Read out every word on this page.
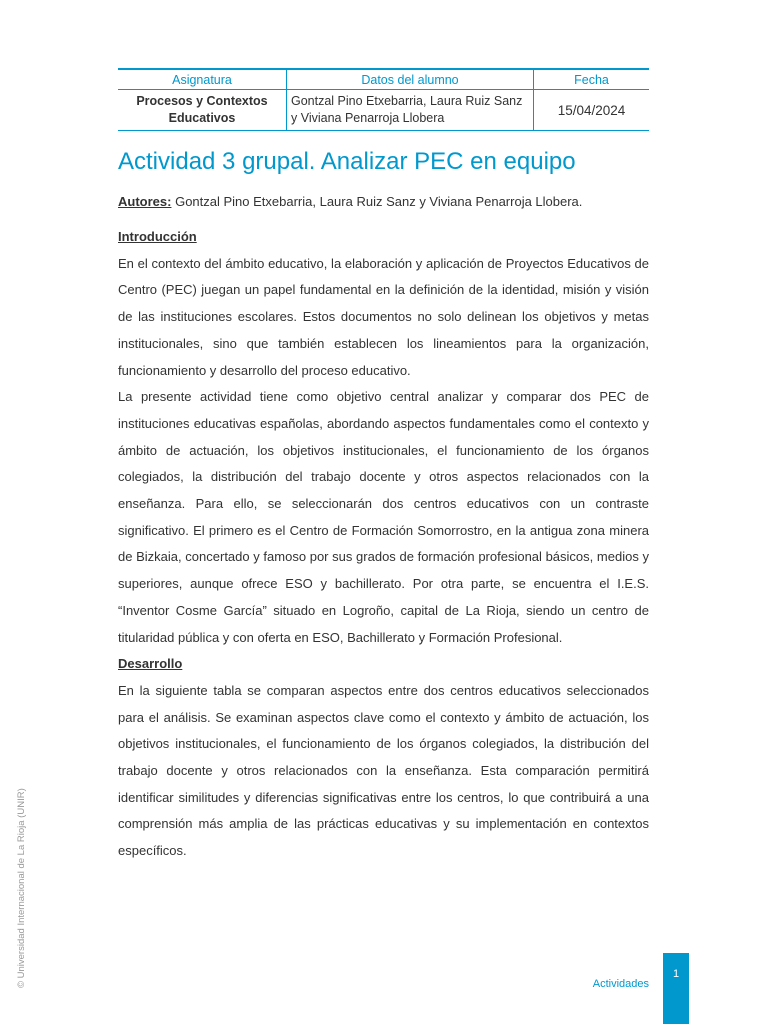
Asignatura	Datos del alumno	Fecha
Procesos y Contextos Educativos	Gontzal Pino Etxebarria, Laura Ruiz Sanz y Viviana Penarroja Llobera	15/04/2024
Actividad 3 grupal. Analizar PEC en equipo

Autores: Gontzal Pino Etxebarria, Laura Ruiz Sanz y Viviana Penarroja Llobera.

Introducción

En el contexto del ámbito educativo, la elaboración y aplicación de Proyectos Educativos de Centro (PEC) juegan un papel fundamental en la definición de la identidad, misión y visión de las instituciones escolares. Estos documentos no solo delinean los objetivos y metas institucionales, sino que también establecen los lineamientos para la organización, funcionamiento y desarrollo del proceso educativo.

La presente actividad tiene como objetivo central analizar y comparar dos PEC de instituciones educativas españolas, abordando aspectos fundamentales como el contexto y ámbito de actuación, los objetivos institucionales, el funcionamiento de los órganos colegiados, la distribución del trabajo docente y otros aspectos relacionados con la enseñanza. Para ello, se seleccionarán dos centros educativos con un contraste significativo. El primero es el Centro de Formación Somorrostro, en la antigua zona minera de Bizkaia, concertado y famoso por sus grados de formación profesional básicos, medios y superiores, aunque ofrece ESO y bachillerato. Por otra parte, se encuentra el I.E.S. “Inventor Cosme García” situado en Logroño, capital de La Rioja, siendo un centro de titularidad pública y con oferta en ESO, Bachillerato y Formación Profesional.

Desarrollo

En la siguiente tabla se comparan aspectos entre dos centros educativos seleccionados para el análisis. Se examinan aspectos clave como el contexto y ámbito de actuación, los objetivos institucionales, el funcionamiento de los órganos colegiados, la distribución del trabajo docente y otros relacionados con la enseñanza. Esta comparación permitirá identificar similitudes y diferencias significativas entre los centros, lo que contribuirá a una comprensión más amplia de las prácticas educativas y su implementación en contextos específicos.

© Universidad Internacional de La Rioja (UNIR)	Actividades
1
